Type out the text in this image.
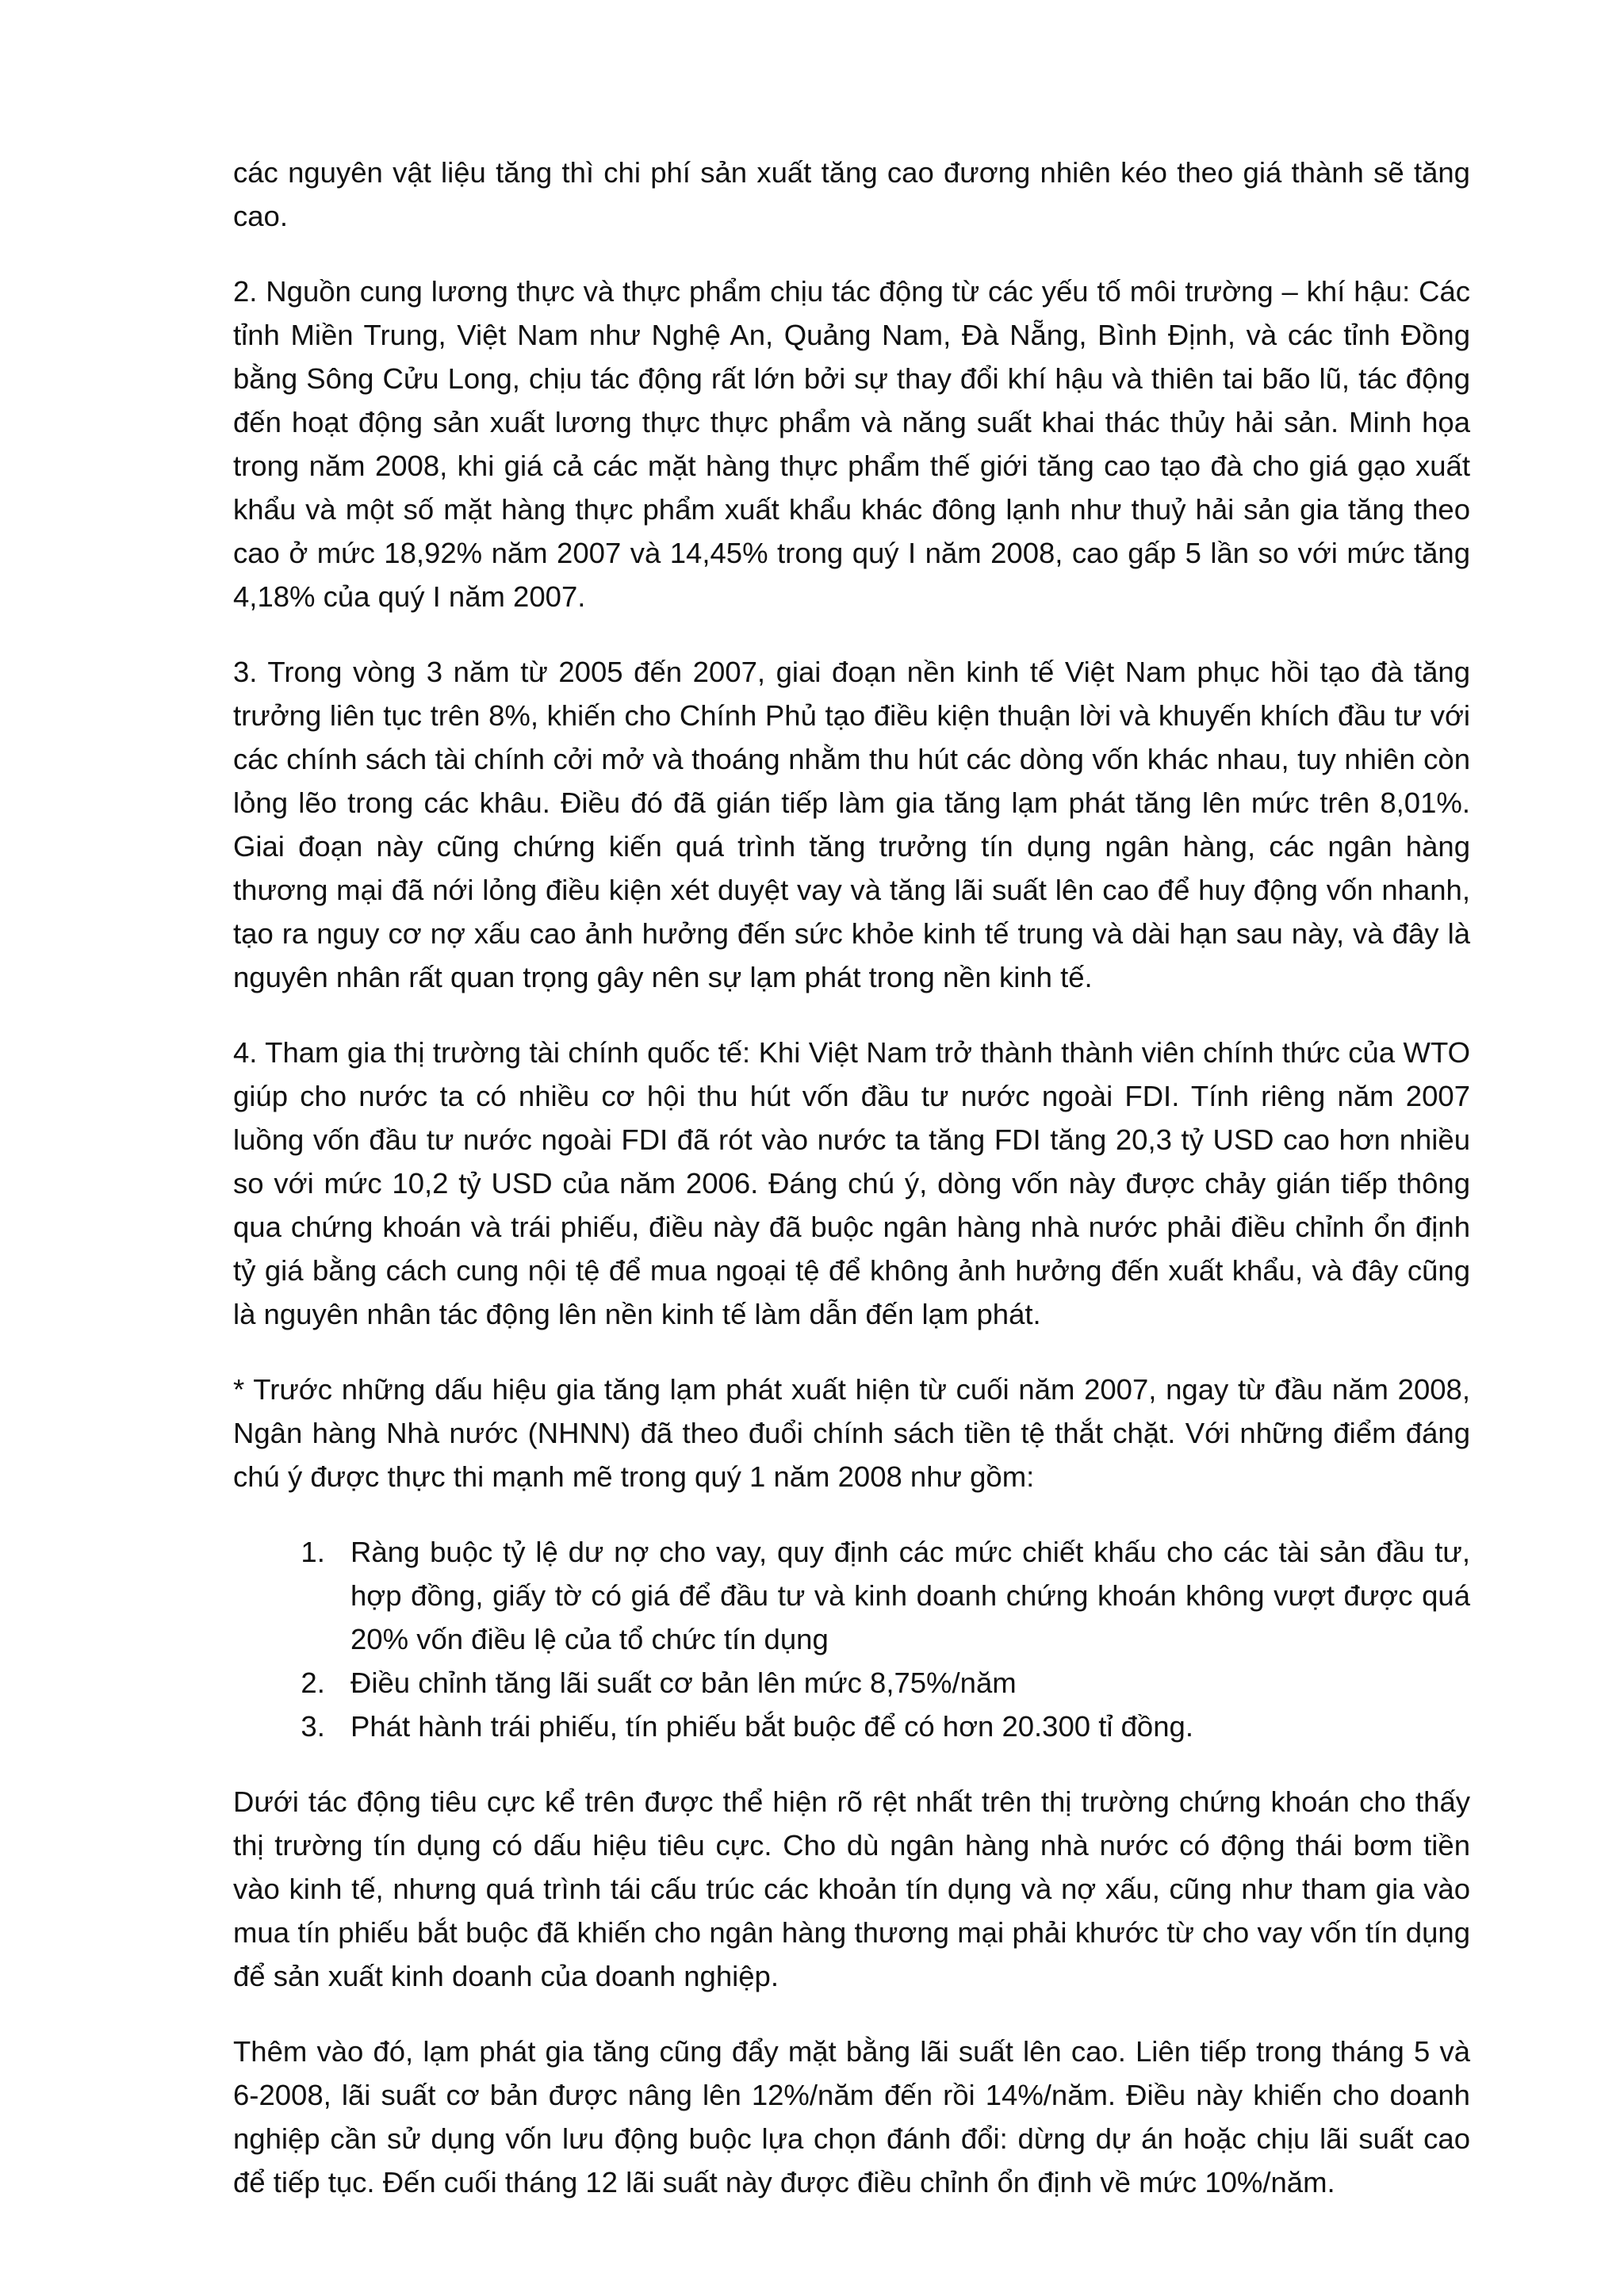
các nguyên vật liệu tăng thì chi phí sản xuất tăng cao đương nhiên kéo theo giá thành sẽ tăng cao.

2. Nguồn cung lương thực và thực phẩm chịu tác động từ các yếu tố môi trường – khí hậu: Các tỉnh Miền Trung, Việt Nam như Nghệ An, Quảng Nam, Đà Nẵng, Bình Định, và các tỉnh Đồng bằng Sông Cửu Long, chịu tác động rất lớn bởi sự thay đổi khí hậu và thiên tai bão lũ, tác động đến hoạt động sản xuất lương thực thực phẩm và năng suất khai thác thủy hải sản. Minh họa trong năm 2008, khi giá cả các mặt hàng thực phẩm thế giới tăng cao tạo đà cho giá gạo xuất khẩu và một số mặt hàng thực phẩm xuất khẩu khác đông lạnh như thuỷ hải sản gia tăng theo cao ở mức 18,92% năm 2007 và 14,45% trong quý I năm 2008, cao gấp 5 lần so với mức tăng 4,18% của quý I năm 2007.

3. Trong vòng 3 năm từ 2005 đến 2007, giai đoạn nền kinh tế Việt Nam phục hồi tạo đà tăng trưởng liên tục trên 8%, khiến cho Chính Phủ tạo điều kiện thuận lời và khuyến khích đầu tư với các chính sách tài chính cởi mở và thoáng nhằm thu hút các dòng vốn khác nhau, tuy nhiên còn lỏng lẽo trong các khâu. Điều đó đã gián tiếp làm gia tăng lạm phát tăng lên mức trên 8,01%. Giai đoạn này cũng chứng kiến quá trình tăng trưởng tín dụng ngân hàng, các ngân hàng thương mại đã nới lỏng điều kiện xét duyệt vay và tăng lãi suất lên cao để huy động vốn nhanh, tạo ra nguy cơ nợ xấu cao ảnh hưởng đến sức khỏe kinh tế trung và dài hạn sau này, và đây là nguyên nhân rất quan trọng gây nên sự lạm phát trong nền kinh tế.

4. Tham gia thị trường tài chính quốc tế: Khi Việt Nam trở thành thành viên chính thức của WTO giúp cho nước ta có nhiều cơ hội thu hút vốn đầu tư nước ngoài FDI. Tính riêng năm 2007 luồng vốn đầu tư nước ngoài FDI đã rót vào nước ta tăng FDI tăng 20,3 tỷ USD cao hơn nhiều so với mức 10,2 tỷ USD của năm 2006. Đáng chú ý, dòng vốn này được chảy gián tiếp thông qua chứng khoán và trái phiếu, điều này đã buộc ngân hàng nhà nước phải điều chỉnh ổn định tỷ giá bằng cách cung nội tệ để mua ngoại tệ để không ảnh hưởng đến xuất khẩu, và đây cũng là nguyên nhân tác động lên nền kinh tế làm dẫn đến lạm phát.

* Trước những dấu hiệu gia tăng lạm phát xuất hiện từ cuối năm 2007, ngay từ đầu năm 2008, Ngân hàng Nhà nước (NHNN) đã theo đuổi chính sách tiền tệ thắt chặt. Với những điểm đáng chú ý được thực thi mạnh mẽ trong quý 1 năm 2008 như gồm:

1. Ràng buộc tỷ lệ dư nợ cho vay, quy định các mức chiết khấu cho các tài sản đầu tư, hợp đồng, giấy tờ có giá để đầu tư và kinh doanh chứng khoán không vượt được quá 20% vốn điều lệ của tổ chức tín dụng
2. Điều chỉnh tăng lãi suất cơ bản lên mức 8,75%/năm
3. Phát hành trái phiếu, tín phiếu bắt buộc để có hơn 20.300 tỉ đồng.

Dưới tác động tiêu cực kể trên được thể hiện rõ rệt nhất trên thị trường chứng khoán cho thấy thị trường tín dụng có dấu hiệu tiêu cực. Cho dù ngân hàng nhà nước có động thái bơm tiền vào kinh tế, nhưng quá trình tái cấu trúc các khoản tín dụng và nợ xấu, cũng như tham gia vào mua tín phiếu bắt buộc đã khiến cho ngân hàng thương mại phải khước từ cho vay vốn tín dụng để sản xuất kinh doanh của doanh nghiệp.

Thêm vào đó, lạm phát gia tăng cũng đẩy mặt bằng lãi suất lên cao. Liên tiếp trong tháng 5 và 6-2008, lãi suất cơ bản được nâng lên 12%/năm đến rồi 14%/năm. Điều này khiến cho doanh nghiệp cần sử dụng vốn lưu động buộc lựa chọn đánh đổi: dừng dự án hoặc chịu lãi suất cao để tiếp tục. Đến cuối tháng 12 lãi suất này được điều chỉnh ổn định về mức 10%/năm.
